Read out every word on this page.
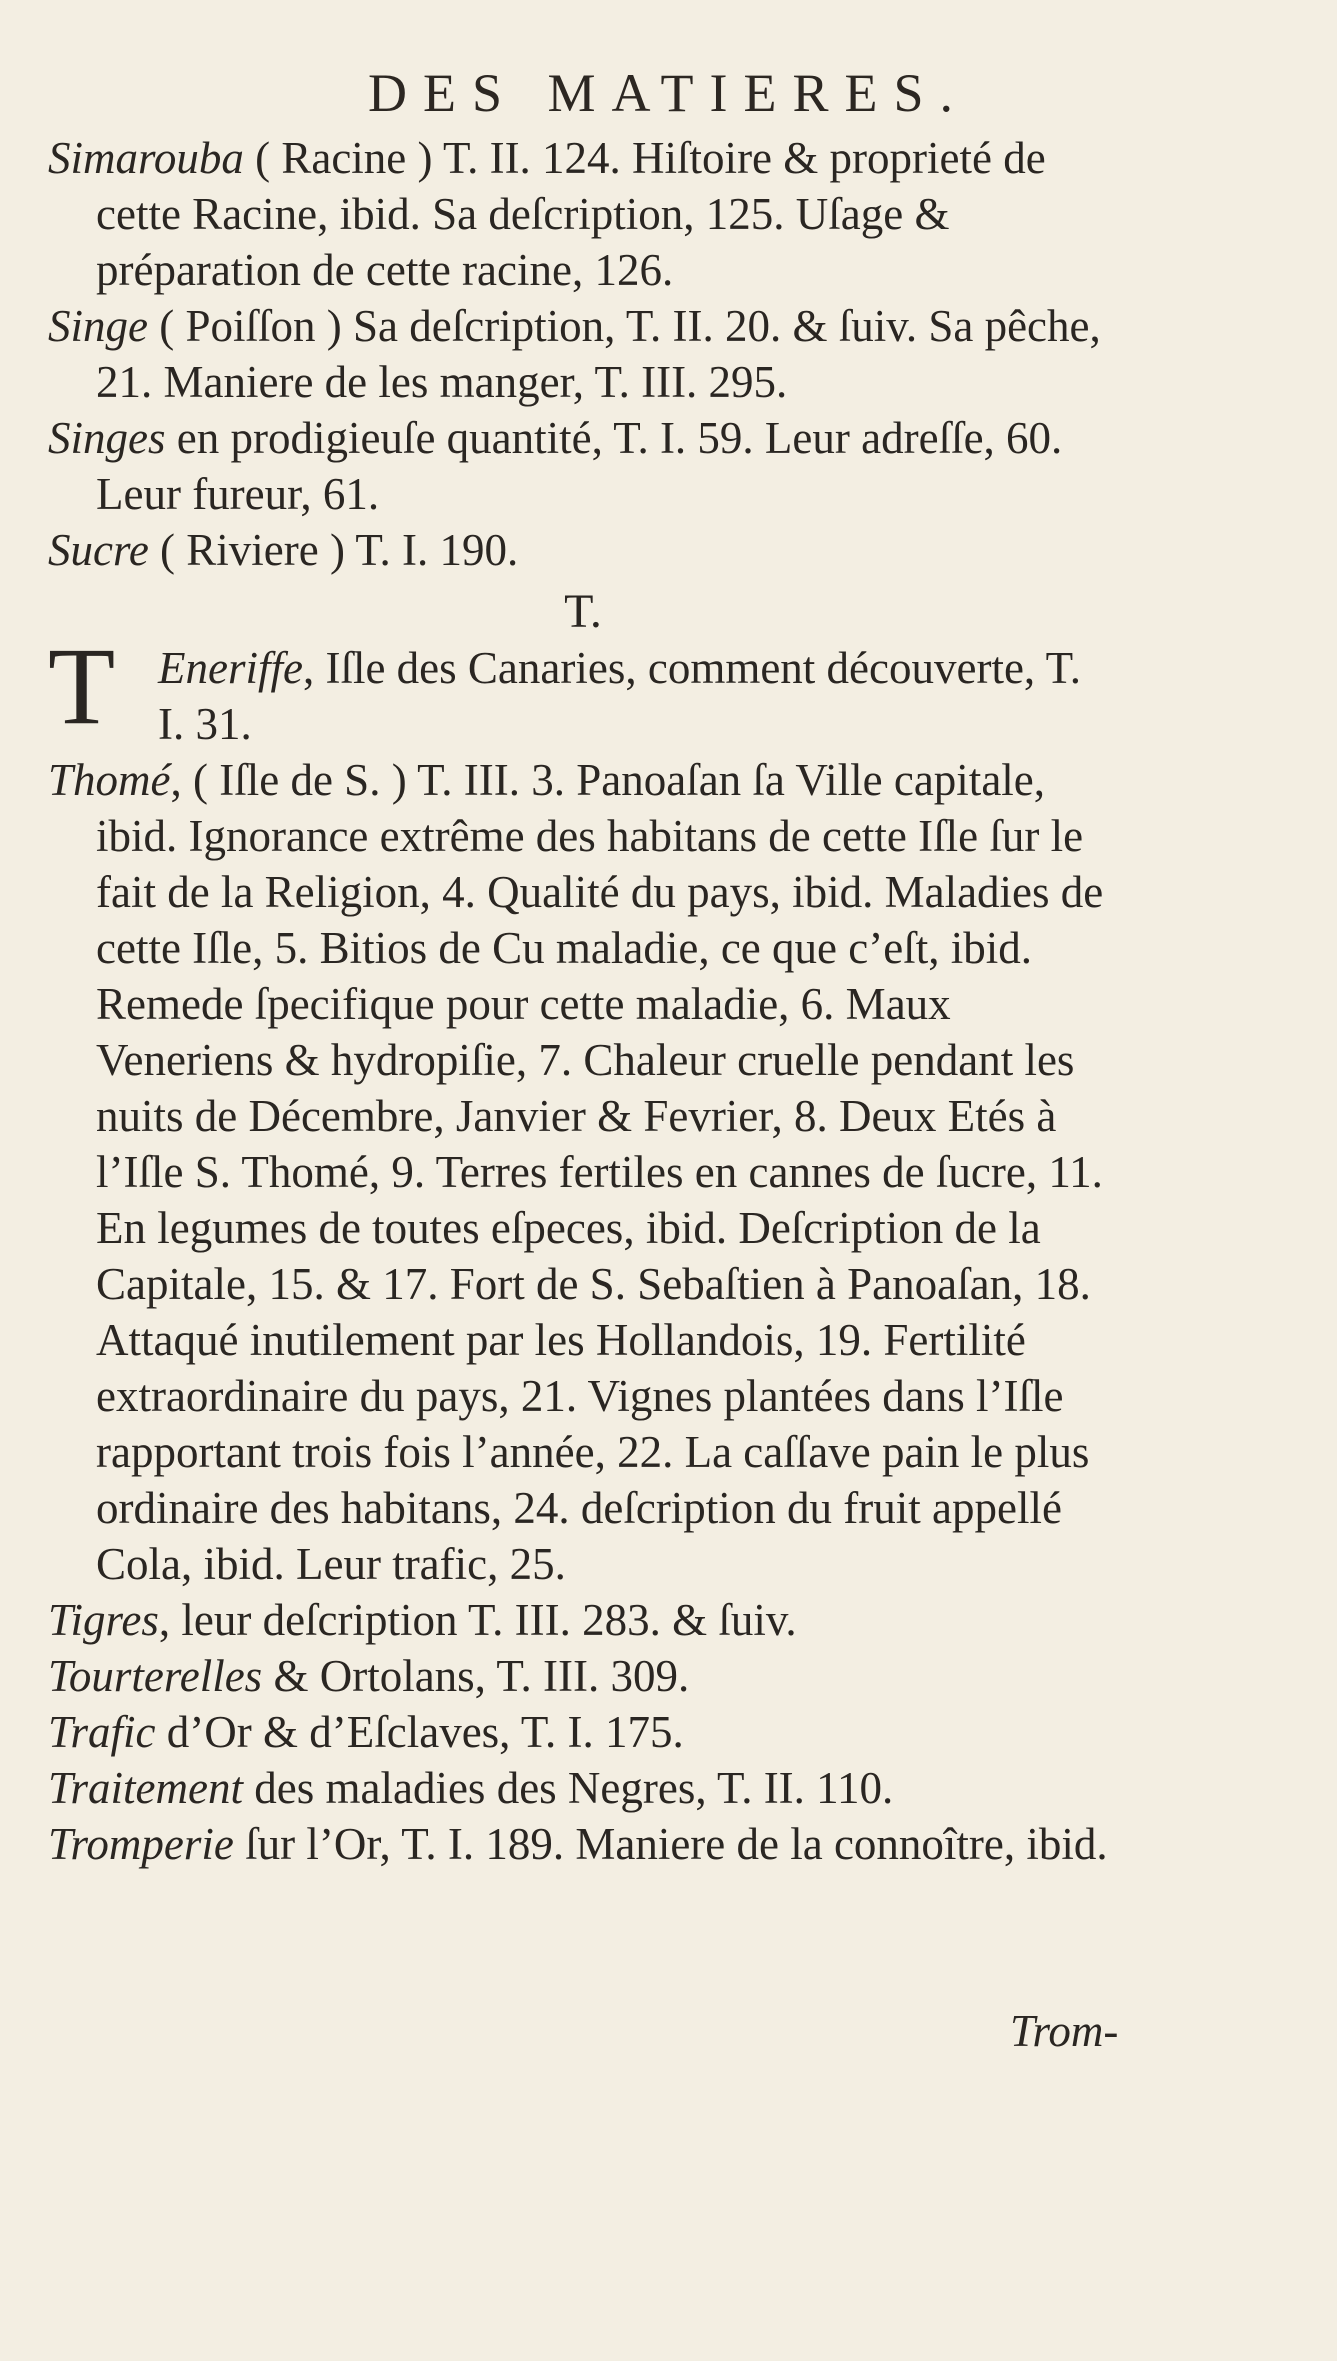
DES MATIERES.

Simarouba ( Racine ) T. II. 124. Hiſtoire & proprieté de cette Racine, ibid. Sa deſcription, 125. Uſage & préparation de cette racine, 126.

Singe ( Poiſſon ) Sa deſcription, T. II. 20. & ſuiv. Sa pêche, 21. Maniere de les manger, T. III. 295.

Singes en prodigieuſe quantité, T. I. 59. Leur adreſſe, 60. Leur fureur, 61.

Sucre ( Riviere ) T. I. 190.

T.

T Eneriffe, Iſle des Canaries, comment découverte, T. I. 31.

Thomé, ( Iſle de S. ) T. III. 3. Panoaſan ſa Ville capitale, ibid. Ignorance extrême des habitans de cette Iſle ſur le fait de la Religion, 4. Qualité du pays, ibid. Maladies de cette Iſle, 5. Bitios de Cu maladie, ce que c’eſt, ibid. Remede ſpecifique pour cette maladie, 6. Maux Veneriens & hydropiſie, 7. Chaleur cruelle pendant les nuits de Décembre, Janvier & Fevrier, 8. Deux Etés à l’Iſle S. Thomé, 9. Terres fertiles en cannes de ſucre, 11. En legumes de toutes eſpeces, ibid. Deſcription de la Capitale, 15. & 17. Fort de S. Sebaſtien à Panoaſan, 18. Attaqué inutilement par les Hollandois, 19. Fertilité extraordinaire du pays, 21. Vignes plantées dans l’Iſle rapportant trois fois l’année, 22. La caſſave pain le plus ordinaire des habitans, 24. deſcription du fruit appellé Cola, ibid. Leur trafic, 25.

Tigres, leur deſcription T. III. 283. & ſuiv.

Tourterelles & Ortolans, T. III. 309.

Trafic d’Or & d’Eſclaves, T. I. 175.

Traitement des maladies des Negres, T. II. 110.

Tromperie ſur l’Or, T. I. 189. Maniere de la connoître, ibid.

Trom-
